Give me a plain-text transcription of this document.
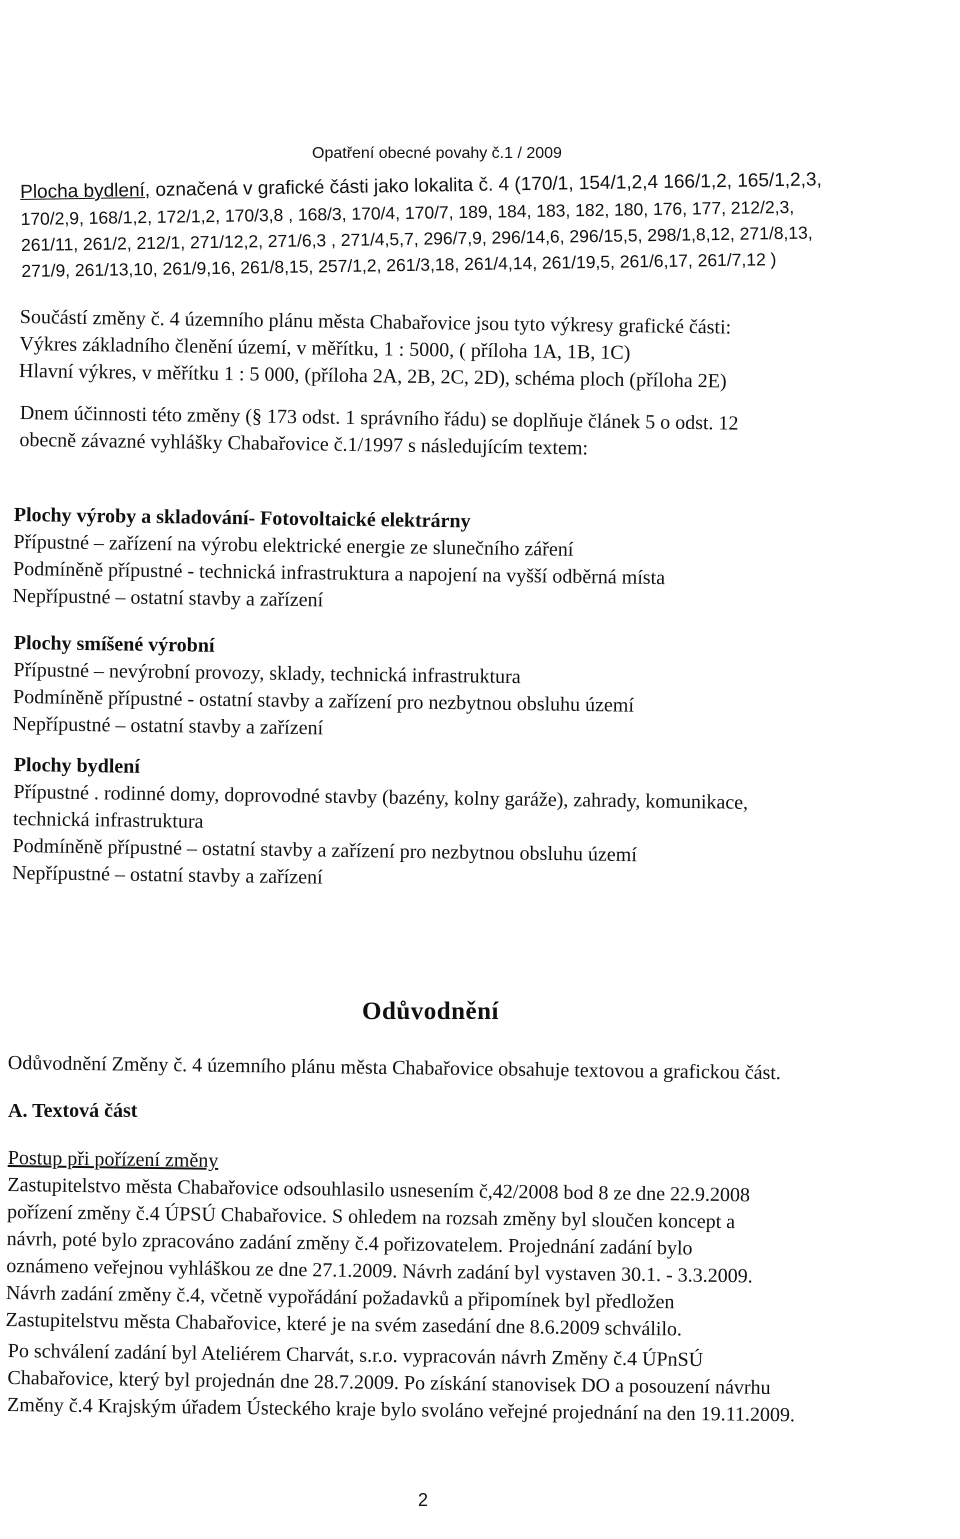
Opatření obecné povahy č.1 / 2009
Plocha bydlení, označená v grafické části jako lokalita č. 4 (170/1, 154/1,2,4 166/1,2, 165/1,2,3,
170/2,9, 168/1,2, 172/1,2, 170/3,8 , 168/3, 170/4, 170/7, 189, 184, 183, 182, 180, 176, 177, 212/2,3,
261/11, 261/2, 212/1, 271/12,2, 271/6,3 , 271/4,5,7, 296/7,9, 296/14,6, 296/15,5, 298/1,8,12, 271/8,13,
271/9, 261/13,10, 261/9,16, 261/8,15, 257/1,2, 261/3,18, 261/4,14, 261/19,5, 261/6,17, 261/7,12 )
Součástí změny č. 4 územního plánu města Chabařovice jsou tyto výkresy grafické části:
Výkres základního členění území, v měřítku, 1 : 5000, ( příloha 1A, 1B, 1C)
Hlavní výkres, v měřítku 1 : 5 000, (příloha 2A, 2B, 2C, 2D), schéma ploch (příloha 2E)
Dnem účinnosti této změny (§ 173 odst. 1 správního řádu) se doplňuje článek 5 o odst. 12
obecně závazné vyhlášky Chabařovice č.1/1997 s následujícím textem:
Plochy výroby a skladování- Fotovoltaické elektrárny
Přípustné – zařízení na výrobu elektrické energie ze slunečního záření
Podmíněně přípustné - technická infrastruktura a napojení na vyšší odběrná místa
Nepřípustné – ostatní stavby a zařízení
Plochy smíšené výrobní
Přípustné – nevýrobní provozy, sklady, technická infrastruktura
Podmíněně přípustné - ostatní stavby a zařízení pro nezbytnou obsluhu území
Nepřípustné – ostatní stavby a zařízení
Plochy bydlení
Přípustné . rodinné domy, doprovodné stavby (bazény, kolny garáže), zahrady, komunikace,
technická infrastruktura
Podmíněně přípustné – ostatní stavby a zařízení pro nezbytnou obsluhu území
Nepřípustné – ostatní stavby a zařízení
Odůvodnění
Odůvodnění Změny č. 4 územního plánu města Chabařovice obsahuje textovou a grafickou část.
A. Textová část
Postup při pořízení změny
Zastupitelstvo města Chabařovice odsouhlasilo usnesením č,42/2008 bod 8 ze dne 22.9.2008
pořízení změny č.4 ÚPSÚ Chabařovice. S ohledem na rozsah změny byl sloučen koncept a
návrh, poté bylo zpracováno zadání změny č.4 pořizovatelem. Projednání zadání bylo
oznámeno veřejnou vyhláškou ze dne 27.1.2009. Návrh zadání byl vystaven 30.1. - 3.3.2009.
Návrh zadání změny č.4, včetně vypořádání požadavků a připomínek byl předložen
Zastupitelstvu města Chabařovice, které je na svém zasedání dne 8.6.2009 schválilo.
Po schválení zadání byl Ateliérem Charvát, s.r.o. vypracován návrh Změny č.4 ÚPnSÚ
Chabařovice, který byl projednán dne 28.7.2009. Po získání stanovisek DO a posouzení návrhu
Změny č.4 Krajským úřadem Ústeckého kraje bylo svoláno veřejné projednání na den 19.11.2009.
2
